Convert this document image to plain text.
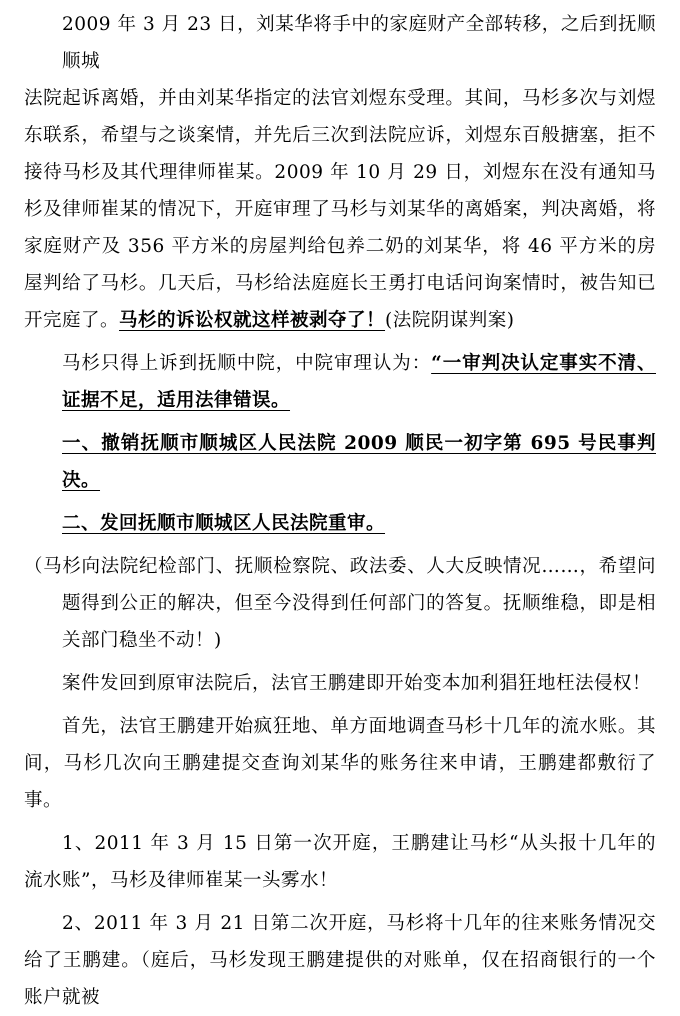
2009 年 3 月 23 日，刘某华将手中的家庭财产全部转移，之后到抚顺顺城
法院起诉离婚，并由刘某华指定的法官刘煜东受理。其间，马杉多次与刘煜东联系，希望与之谈案情，并先后三次到法院应诉，刘煜东百般搪塞，拒不接待马杉及其代理律师崔某。2009 年 10 月 29 日，刘煜东在没有通知马杉及律师崔某的情况下，开庭审理了马杉与刘某华的离婚案，判决离婚，将家庭财产及 356 平方米的房屋判给包养二奶的刘某华，将 46 平方米的房屋判给了马杉。几天后，马杉给法庭庭长王勇打电话问询案情时，被告知已开完庭了。马杉的诉讼权就这样被剥夺了！(法院阴谋判案)

马杉只得上诉到抚顺中院，中院审理认为：“一审判决认定事实不清、证据不足，适用法律错误。

一、撤销抚顺市顺城区人民法院 2009 顺民一初字第 695 号民事判决。

二、发回抚顺市顺城区人民法院重审。

（马杉向法院纪检部门、抚顺检察院、政法委、人大反映情况……，希望问题得到公正的解决，但至今没得到任何部门的答复。抚顺维稳，即是相关部门稳坐不动！)

案件发回到原审法院后，法官王鹏建即开始变本加利猖狂地枉法侵权！

首先，法官王鹏建开始疯狂地、单方面地调查马杉十几年的流水账。其间，马杉几次向王鹏建提交查询刘某华的账务往来申请，王鹏建都敷衍了事。

1、2011 年 3 月 15 日第一次开庭，王鹏建让马杉“从头报十几年的流水账”，马杉及律师崔某一头雾水！

2、2011 年 3 月 21 日第二次开庭，马杉将十几年的往来账务情况交给了王鹏建。（庭后，马杉发现王鹏建提供的对账单，仅在招商银行的一个账户就被
